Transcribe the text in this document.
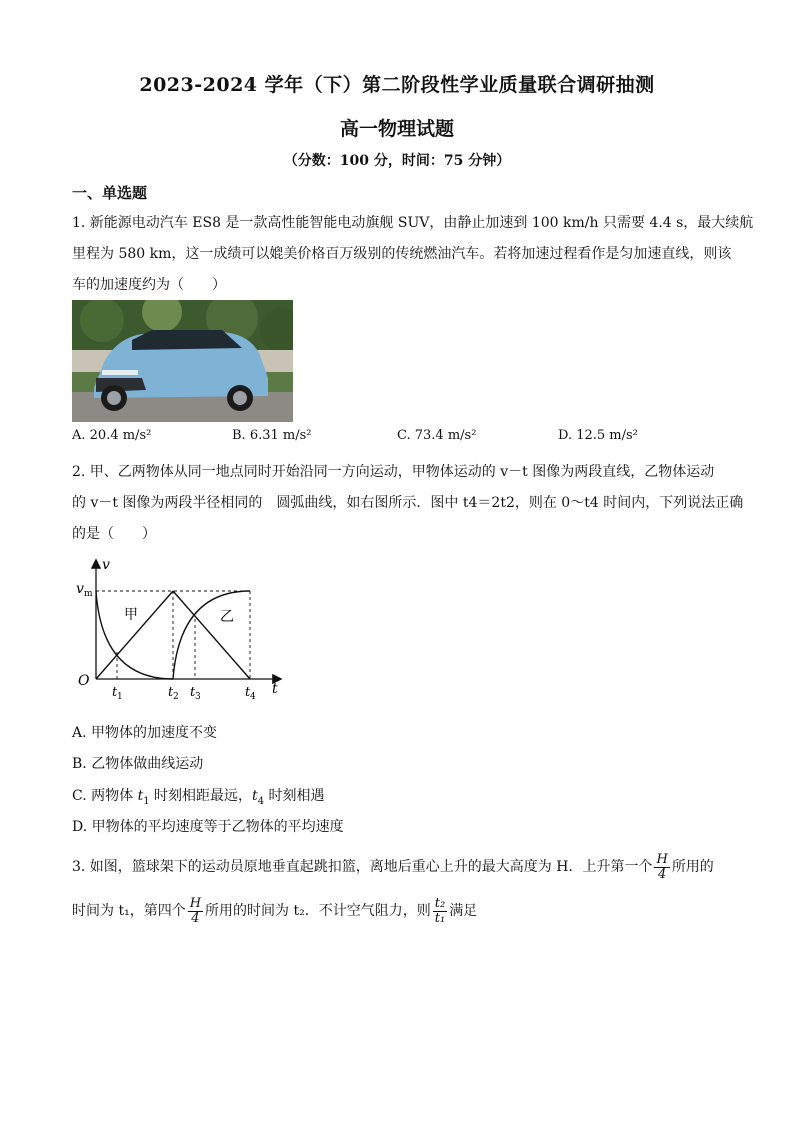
2023-2024 学年（下）第二阶段性学业质量联合调研抽测
高一物理试题
（分数：100 分，时间：75 分钟）
一、单选题
1. 新能源电动汽车 ES8 是一款高性能智能电动旗舰 SUV，由静止加速到 100 km/h 只需要 4.4 s，最大续航
里程为 580 km，这一成绩可以媲美价格百万级别的传统燃油汽车。若将加速过程看作是匀加速直线，则该
车的加速度约为（　　）
A. 20.4 m/s²	B. 6.31 m/s²	C. 73.4 m/s²	D. 12.5 m/s²
2. 甲、乙两物体从同一地点同时开始沿同一方向运动，甲物体运动的 v－t 图像为两段直线，乙物体运动
的 v－t 图像为两段半径相同的　圆弧曲线，如右图所示．图中 t4＝2t2，则在 0～t4 时间内，下列说法正确
的是（　　）
v
t
O
v m
t 1	t 2 t 3	t 4
甲	乙
A. 甲物体的加速度不变
B. 乙物体做曲线运动
C. 两物体 $t_1$ 时刻相距最远，$t_4$ 时刻相遇
D. 甲物体的平均速度等于乙物体的平均速度
3. 如图，篮球架下的运动员原地垂直起跳扣篮，离地后重心上升的最大高度为 H．上升第一个 $\frac{H}{4}$ 所用的
时间为 t₁，第四个 $\frac{H}{4}$ 所用的时间为 t₂．不计空气阻力，则 $\frac{\text{t₂}}{\text{t₁}}$ 满足
